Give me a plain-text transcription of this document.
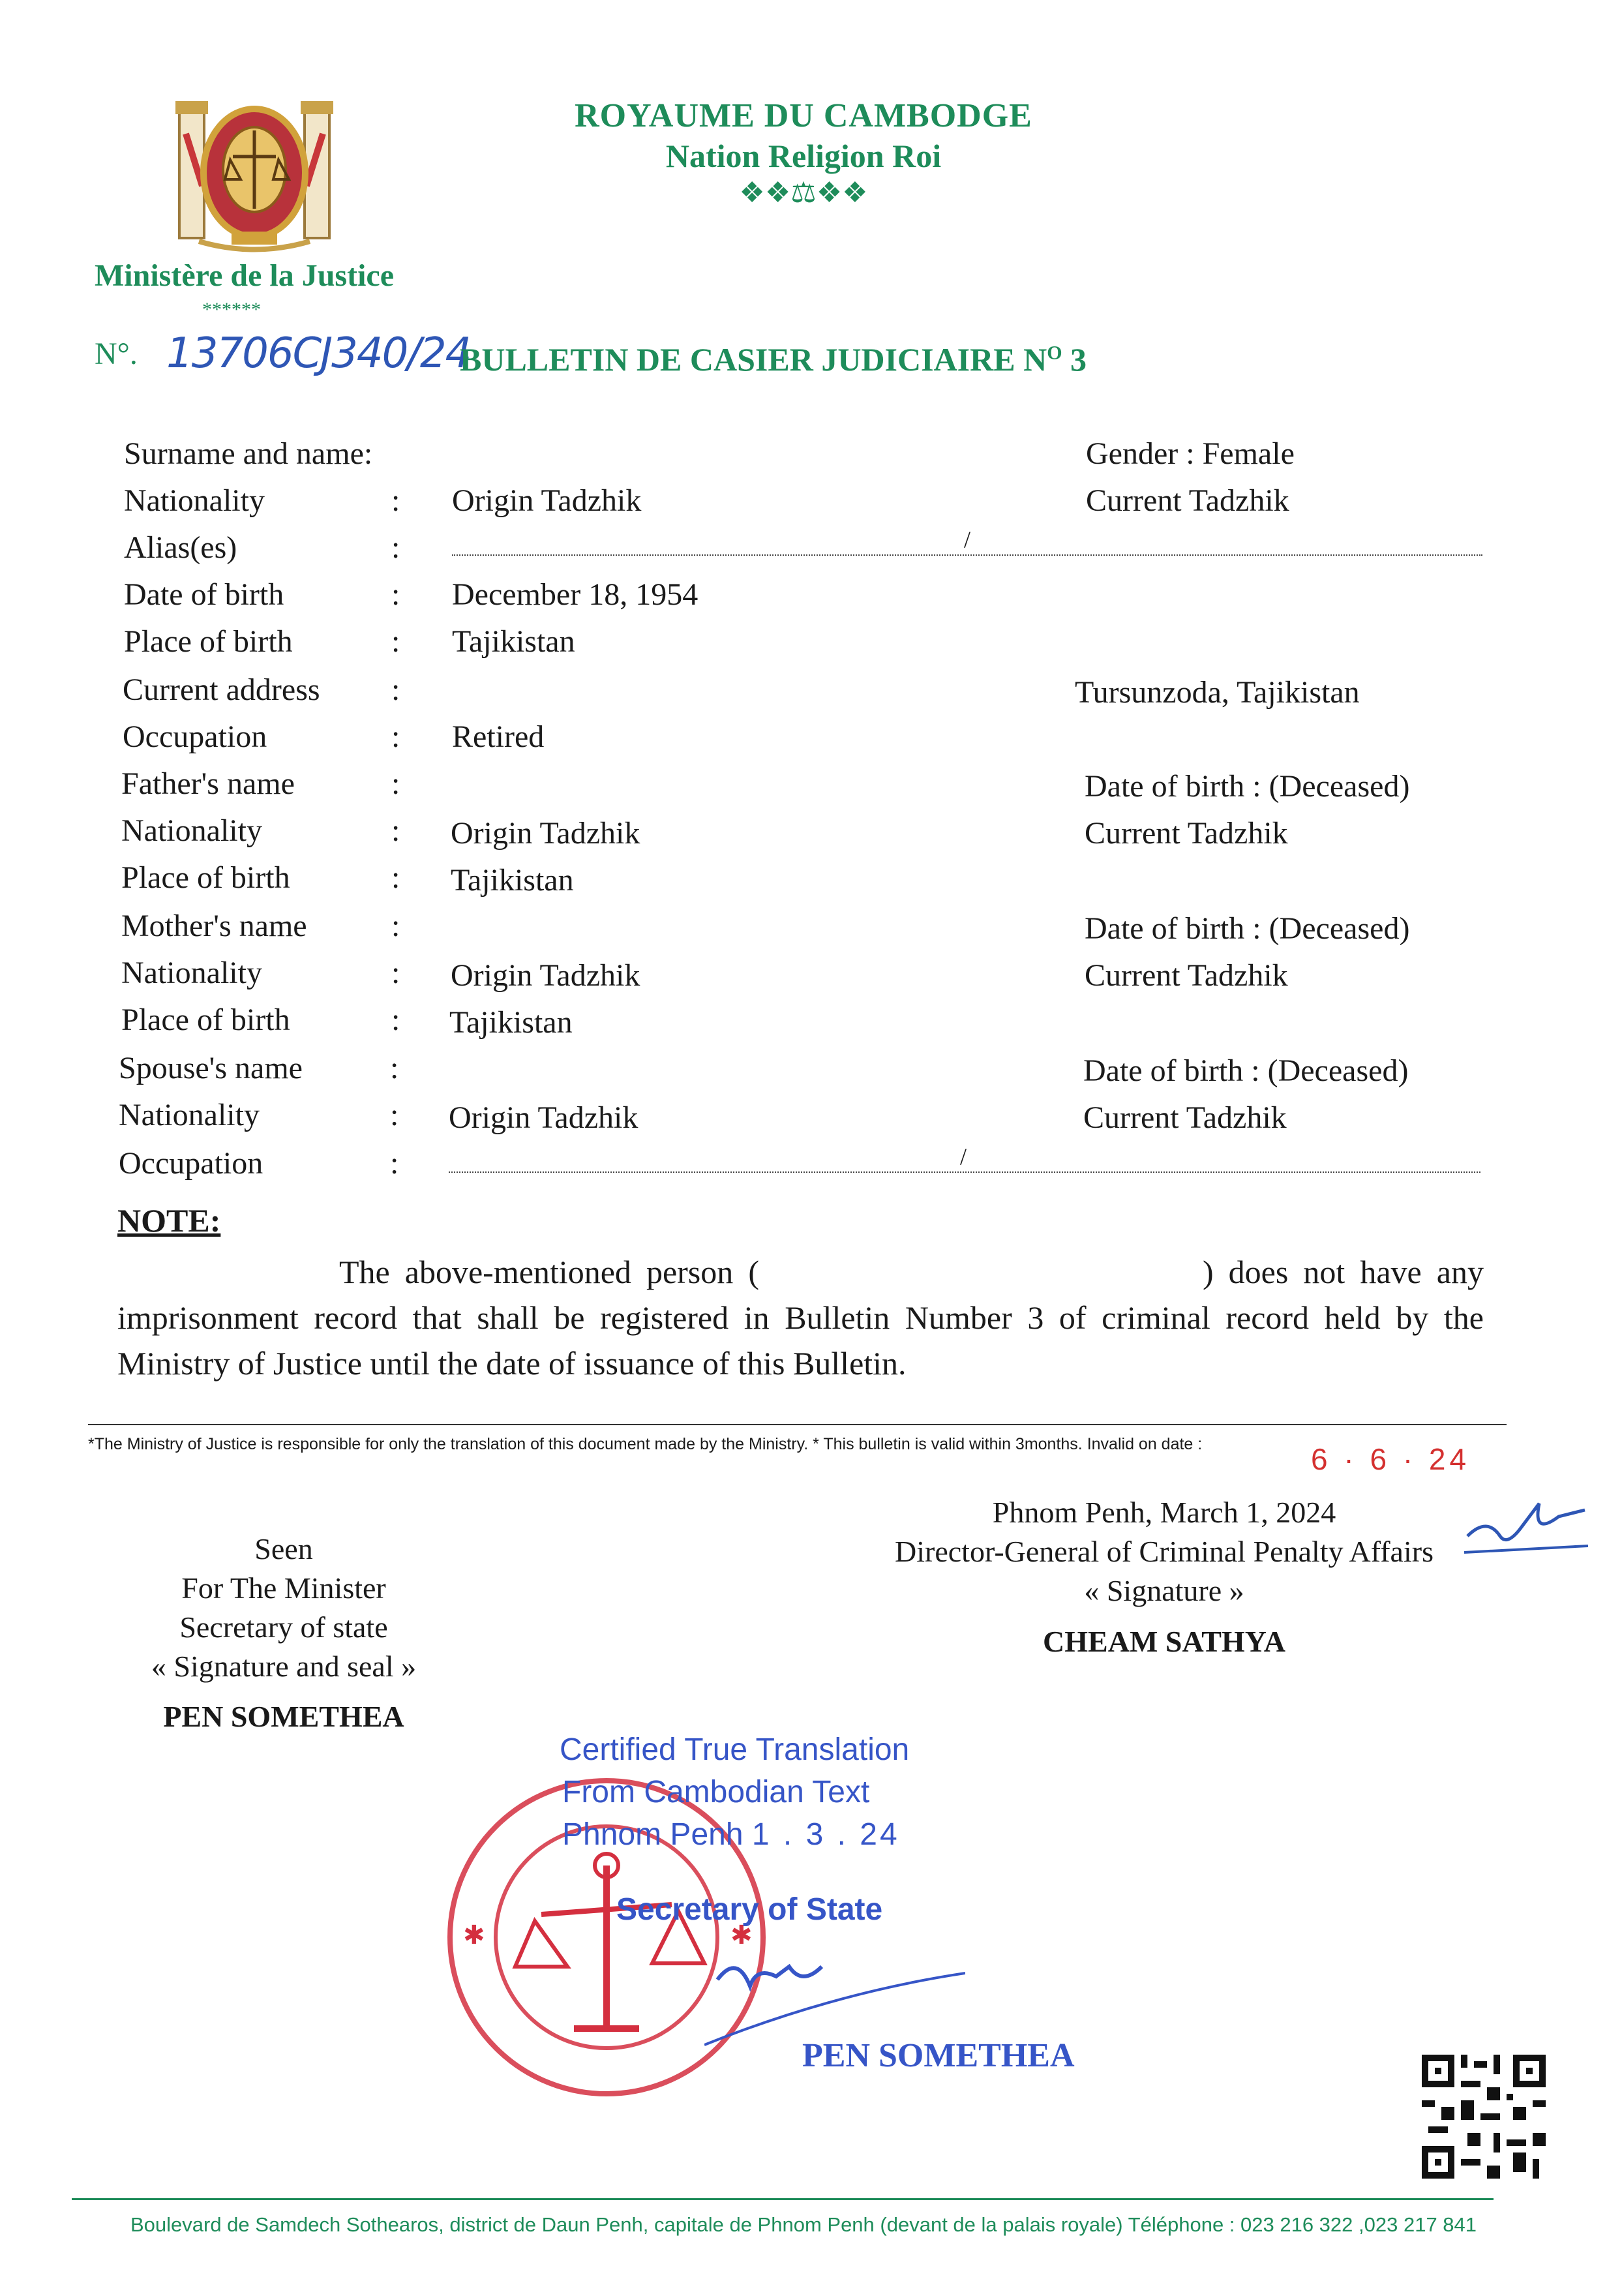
ROYAUME DU CAMBODGE
Nation Religion Roi
❖❖⚖❖❖
Ministère de la Justice
******
N°. 13706CJ340/24
BULLETIN DE CASIER JUDICIAIRE $N^O$ 3
Surname and name:	Gender : Female
Nationality	: Origin Tadzhik	Current Tadzhik
Alias(es)	:	/
Date of birth	: December 18, 1954
Place of birth	: Tajikistan
Current address :	Tursunzoda, Tajikistan
Occupation	: Retired
Father's name	:	Date of birth : (Deceased)
Nationality	: Origin Tadzhik	Current Tadzhik
Place of birth	: Tajikistan
Mother's name	:	Date of birth : (Deceased)
Nationality	: Origin Tadzhik	Current Tadzhik
Place of birth	: Tajikistan
Spouse's name	:	Date of birth : (Deceased)
Nationality	: Origin Tadzhik	Current Tadzhik
Occupation	:	/
NOTE:
The above-mentioned person (	) does not have any imprisonment record that shall be registered in Bulletin Number 3 of criminal record held by the Ministry of Justice until the date of issuance of this Bulletin.
*The Ministry of Justice is responsible for only the translation of this document made by the Ministry. * This bulletin is valid within 3months. Invalid on date :	6 · 6 · 24
Seen
For The Minister
Secretary of state
« Signature and seal »
PEN SOMETHEA
Phnom Penh, March 1, 2024
Director-General of Criminal Penalty Affairs
« Signature »
CHEAM SATHYA
✱	✱
Certified True Translation
From Cambodian Text
Phnom Penh 1 . 3 . 24
Secretary of State
PEN SOMETHEA
Boulevard de Samdech Sothearos, district de Daun Penh, capitale de Phnom Penh (devant de la palais royale) Téléphone : 023 216 322 ,023 217 841
